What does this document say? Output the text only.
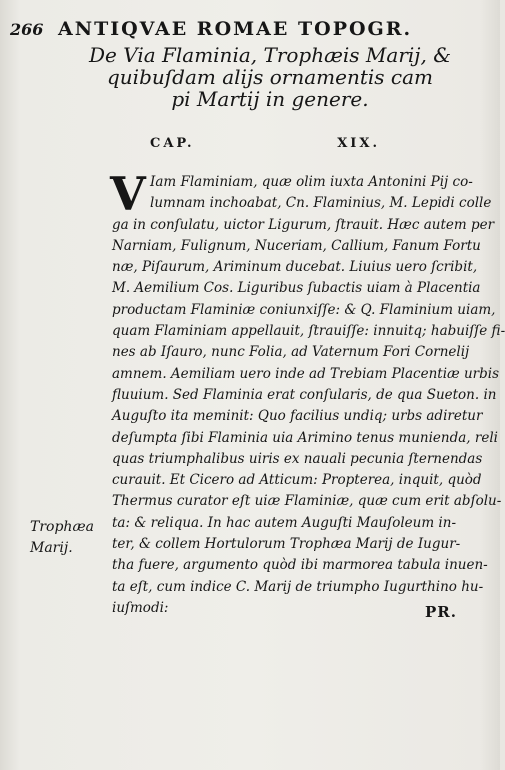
266 ANTIQVAE ROMAE TOPOGR.
De Via Flaminia, Trophæis Marij, &
quibuſdam alijs ornamentis cam
pi Martij in genere.
CAP.	XIX.
V Iam Flaminiam, quæ olim iuxta Antonini Pij co-
lumnam inchoabat, Cn. Flaminius, M. Lepidi colle
ga in conſulatu, uictor Ligurum, ſtrauit. Hæc autem per
Narniam, Fulignum, Nuceriam, Callium, Fanum Fortu
næ, Piſaurum, Ariminum ducebat. Liuius uero ſcribit,
M. Aemilium Cos. Liguribus ſubactis uiam à Placentia
productam Flaminiæ coniunxiſſe: & Q. Flaminium uiam,
quam Flaminiam appellauit, ſtrauiſſe: innuitq; habuiſſe fi-
nes ab Iſauro, nunc Folia, ad Vaternum Fori Cornelij
amnem. Aemiliam uero inde ad Trebiam Placentiæ urbis
fluuium. Sed Flaminia erat conſularis, de qua Sueton. in
Auguſto ita meminit: Quo facilius undiq; urbs adiretur
deſumpta ſibi Flaminia uia Arimino tenus munienda, reli
quas triumphalibus uiris ex nauali pecunia ſternendas
curauit. Et Cicero ad Atticum: Propterea, inquit, quòd
Thermus curator eſt uiæ Flaminiæ, quæ cum erit abſolu-
ta: & reliqua. In hac autem Auguſti Mauſoleum in-
ter, & collem Hortulorum Trophæa Marij de Iugur-
tha fuere, argumento quòd ibi marmorea tabula inuen-
ta eſt, cum indice C. Marij de triumpho Iugurthino hu-
iuſmodi:
Trophæa
Marij.
PR.
